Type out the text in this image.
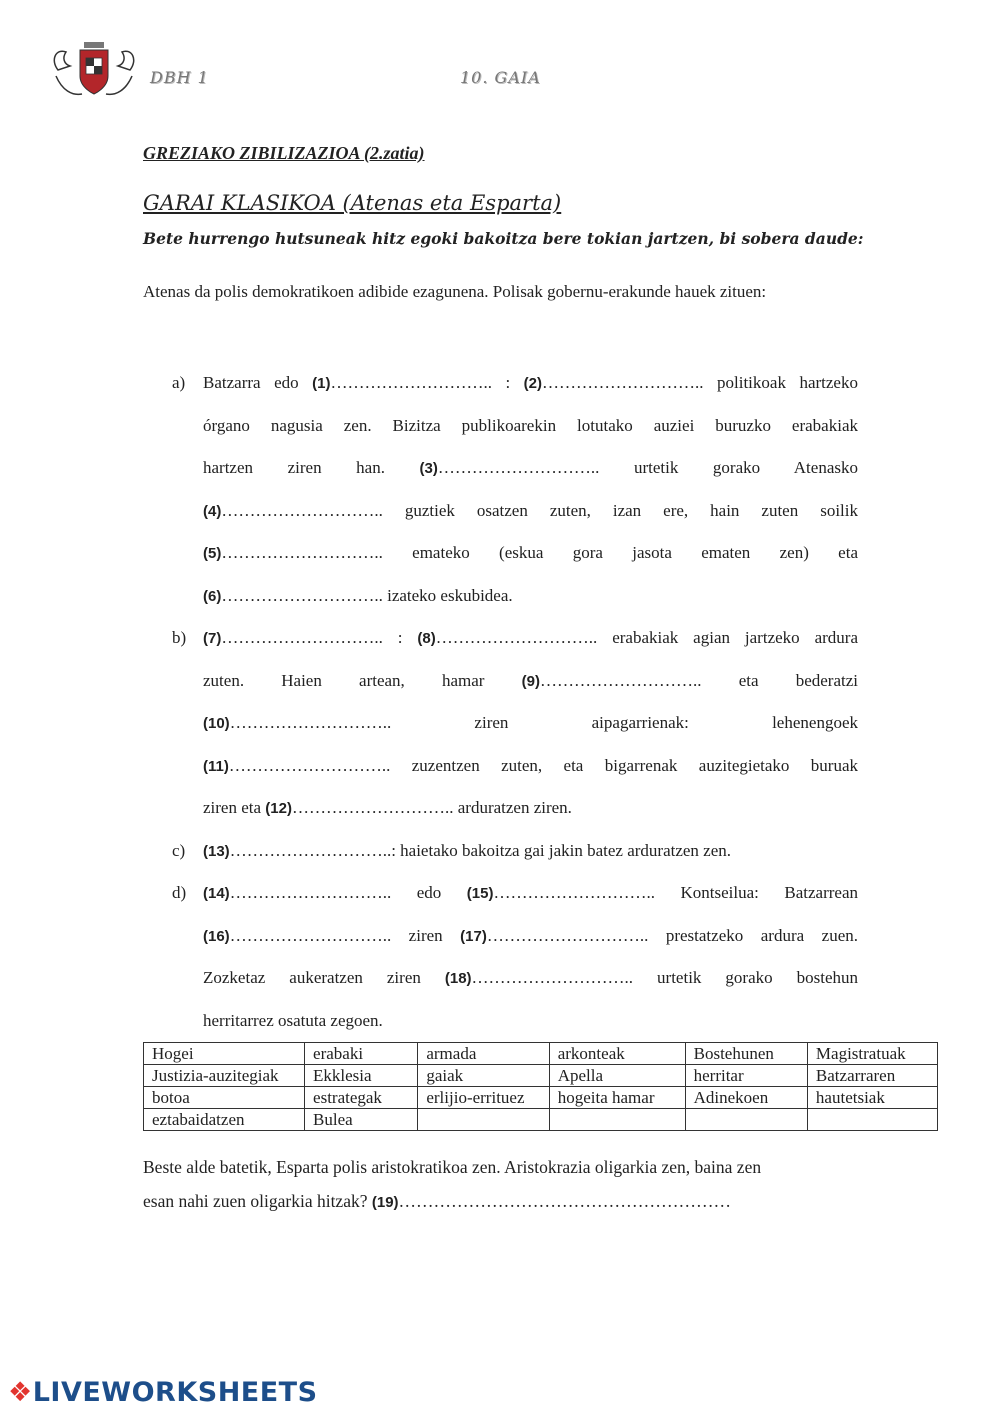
DBH 1	10. GAIA
GREZIAKO ZIBILIZAZIOA (2.zatia)
GARAI KLASIKOA (Atenas eta Esparta)
Bete hurrengo hutsuneak hitz egoki bakoitza bere tokian jartzen, bi sobera daude:
Atenas da polis demokratikoen adibide ezagunena. Polisak gobernu-erakunde hauek zituen:
a)	Batzarra edo (1)……………………….. : (2)……………………….. politikoak hartzeko
órgano nagusia zen. Bizitza publikoarekin lotutako auziei buruzko erabakiak
hartzen ziren han. (3)……………………….. urtetik gorako Atenasko
(4)……………………….. guztiek osatzen zuten, izan ere, hain zuten soilik
(5)……………………….. emateko (eskua gora jasota ematen zen) eta
(6)……………………….. izateko eskubidea.
b)	(7)……………………….. : (8)……………………….. erabakiak agian jartzeko ardura
zuten. Haien artean, hamar (9)……………………….. eta bederatzi
(10)……………………….. ziren aipagarrienak: lehenengoek
(11)……………………….. zuzentzen zuten, eta bigarrenak auzitegietako buruak
ziren eta (12)……………………….. arduratzen ziren.
c)	(13)………………………..: haietako bakoitza gai jakin batez arduratzen zen.
d)	(14)……………………….. edo (15)……………………….. Kontseilua: Batzarrean
(16)……………………….. ziren (17)……………………….. prestatzeko ardura zuen.
Zozketaz aukeratzen ziren (18)……………………….. urtetik gorako bostehun
herritarrez osatuta zegoen.
Hogei	erabaki	armada	arkonteak	Bostehunen	Magistratuak
Justizia-auzitegiak	Ekklesia	gaiak	Apella	herritar	Batzarraren
botoa	estrategak	erlijio-errituez	hogeita hamar	Adinekoen	hautetsiak
eztabaidatzen	Bulea				
Beste alde batetik, Esparta polis aristokratikoa zen. Aristokrazia oligarkia zen, baina zen
esan nahi zuen oligarkia hitzak? (19)…………………………………………………
❖LIVEWORKSHEETS
